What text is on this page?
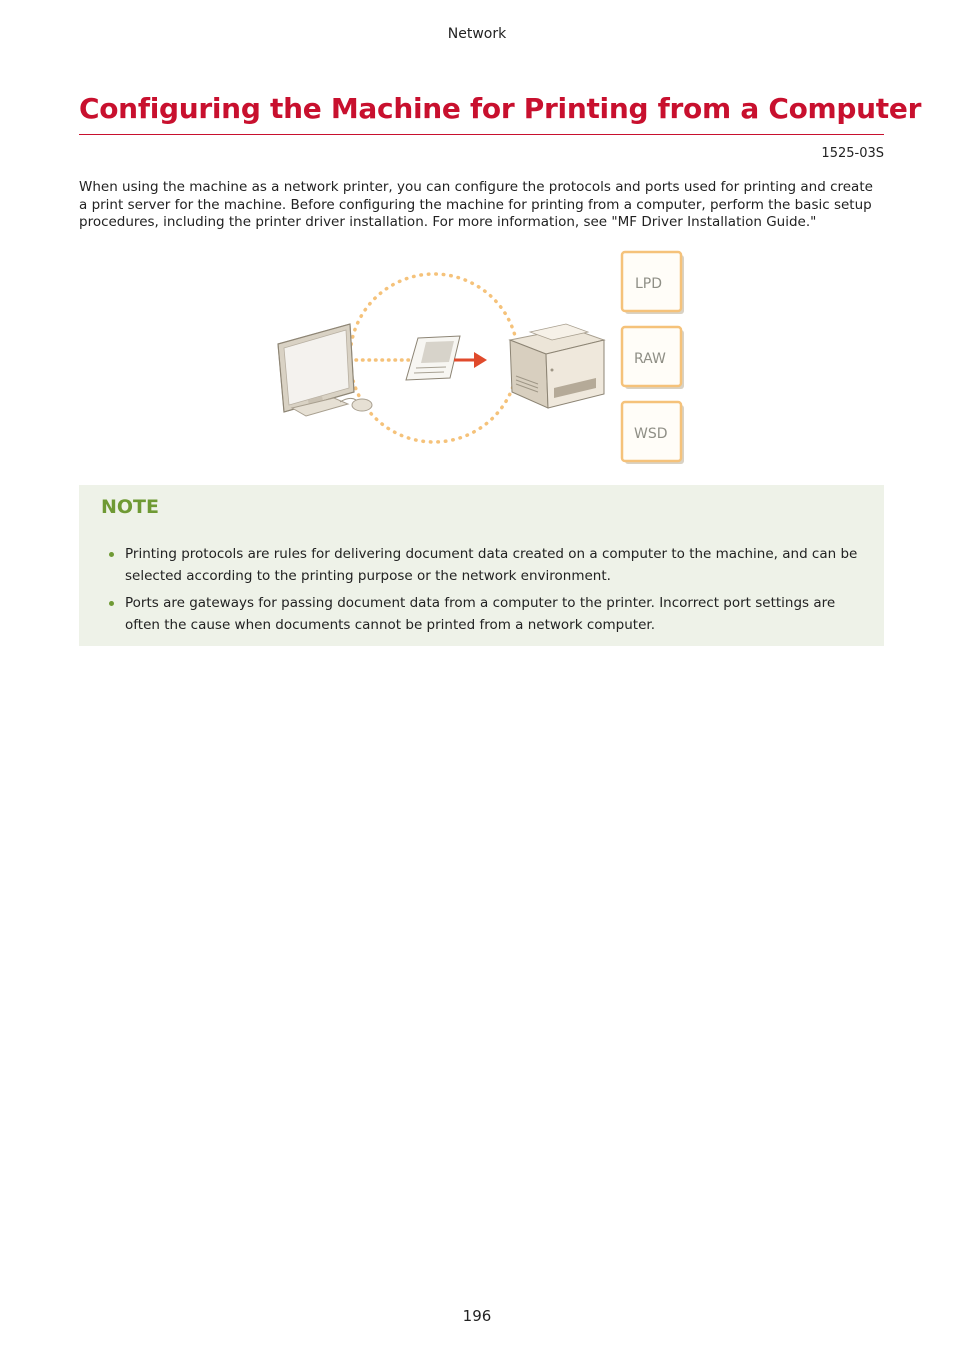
Network
Configuring the Machine for Printing from a Computer
1525-03S

When using the machine as a network printer, you can configure the protocols and ports used for printing and create a print server for the machine. Before configuring the machine for printing from a computer, perform the basic setup procedures, including the printer driver installation. For more information, see "MF Driver Installation Guide."

LPD
RAW
WSD
NOTE
Printing protocols are rules for delivering document data created on a computer to the machine, and can be selected according to the printing purpose or the network environment.
Ports are gateways for passing document data from a computer to the printer. Incorrect port settings are often the cause when documents cannot be printed from a network computer.
196
